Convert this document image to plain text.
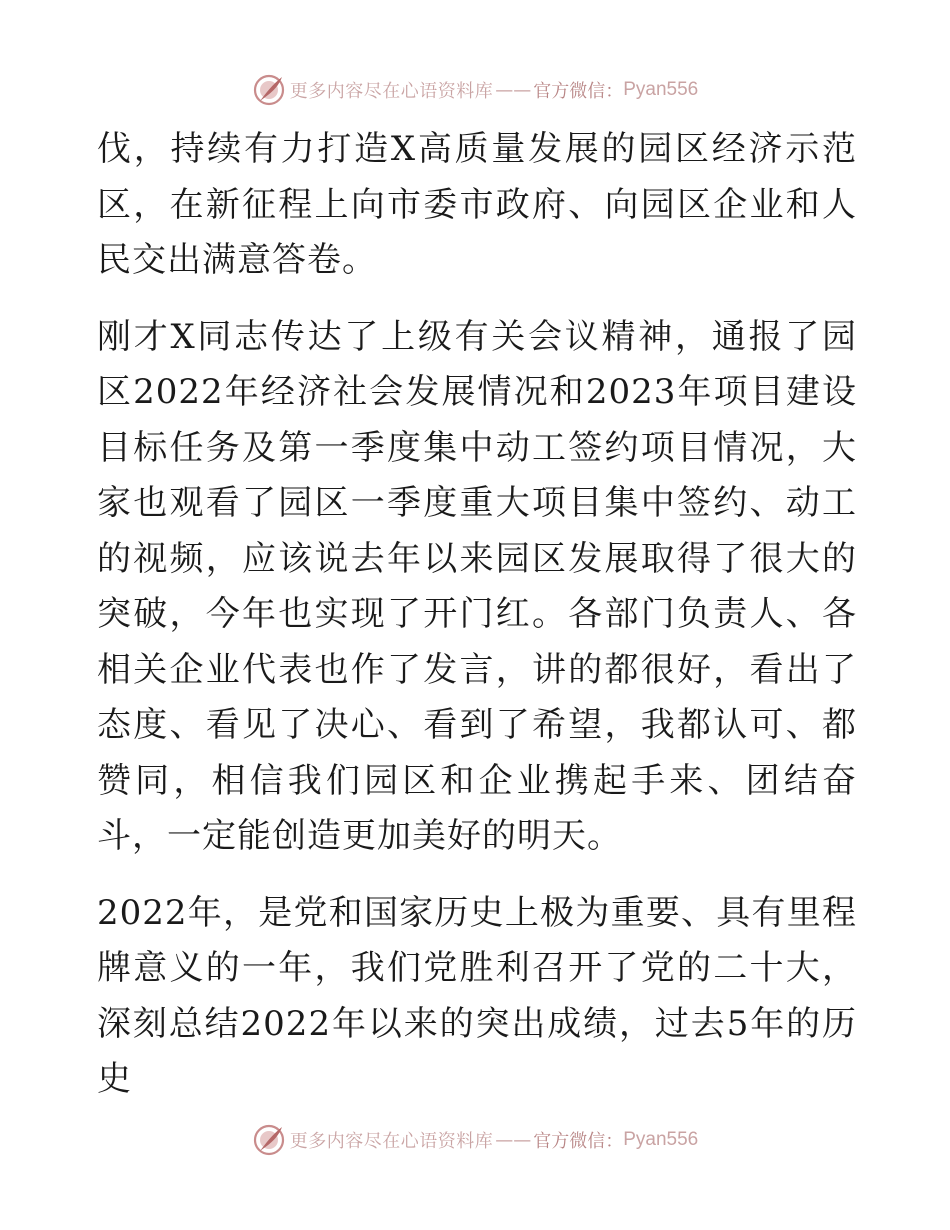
更多内容尽在心语资料库 —— 官方微信： Pyan556

伐，持续有力打造X高质量发展的园区经济示范区，在新征程上向市委市政府、向园区企业和人民交出满意答卷。

刚才X同志传达了上级有关会议精神，通报了园区2022年经济社会发展情况和2023年项目建设目标任务及第一季度集中动工签约项目情况，大家也观看了园区一季度重大项目集中签约、动工的视频，应该说去年以来园区发展取得了很大的突破，今年也实现了开门红。各部门负责人、各相关企业代表也作了发言，讲的都很好，看出了态度、看见了决心、看到了希望，我都认可、都赞同，相信我们园区和企业携起手来、团结奋斗，一定能创造更加美好的明天。

2022年，是党和国家历史上极为重要、具有里程牌意义的一年，我们党胜利召开了党的二十大，深刻总结2022年以来的突出成绩，过去5年的历史

更多内容尽在心语资料库 —— 官方微信： Pyan556
